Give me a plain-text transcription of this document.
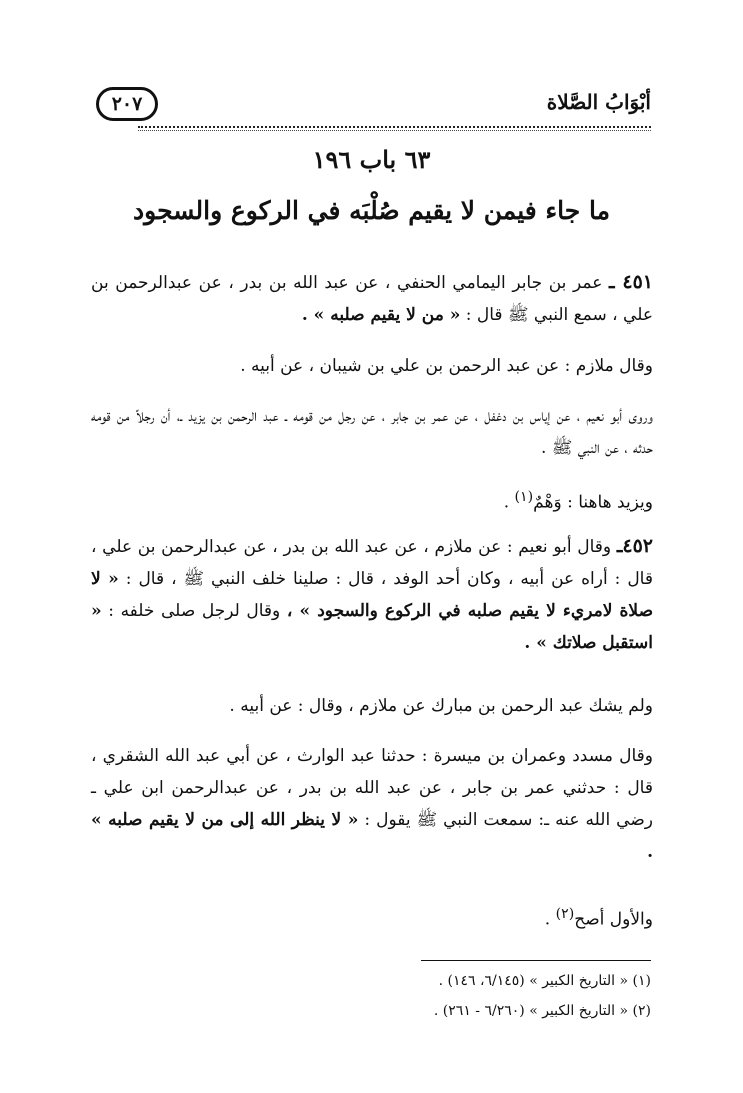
أبْوَابُ الصَّلاة
٢٠٧
٦٣ باب ١٩٦
ما جاء فيمن لا يقيم صُلْبَه في الركوع والسجود
٤٥١ ـ عمر بن جابر اليمامي الحنفي ، عن عبد الله بن بدر ، عن عبدالرحمن بن علي ، سمع النبي ﷺ قال : « من لا يقيم صلبه » .
وقال ملازم : عن عبد الرحمن بن علي بن شيبان ، عن أبيه .
وروى أبو نعيم ، عن إياس بن دغفل ، عن عمر بن جابر ، عن رجل من قومه ـ عبد الرحمن بن يزيد ـ، أن رجلاً من قومه حدثه ، عن النبي ﷺ .
ويزيد هاهنا : وَهْمٌ$^{(١)}$ .
٤٥٢ـ وقال أبو نعيم : عن ملازم ، عن عبد الله بن بدر ، عن عبدالرحمن بن علي ، قال : أراه عن أبيه ، وكان أحد الوفد ، قال : صلينا خلف النبي ﷺ ، قال : « لا صلاة لامريء لا يقيم صلبه في الركوع والسجود » ، وقال لرجل صلى خلفه : « استقبل صلاتك » .
ولم يشك عبد الرحمن بن مبارك عن ملازم ، وقال : عن أبيه .
وقال مسدد وعمران بن ميسرة : حدثنا عبد الوارث ، عن أبي عبد الله الشقري ، قال : حدثني عمر بن جابر ، عن عبد الله بن بدر ، عن عبدالرحمن ابن علي ـ رضي الله عنه ـ: سمعت النبي ﷺ يقول : « لا ينظر الله إلى من لا يقيم صلبه » .
والأول أصح$^{(٢)}$ .
(١) « التاريخ الكبير » (٦/١٤٥، ١٤٦) .
(٢) « التاريخ الكبير » (٦/٢٦٠ - ٢٦١) .
